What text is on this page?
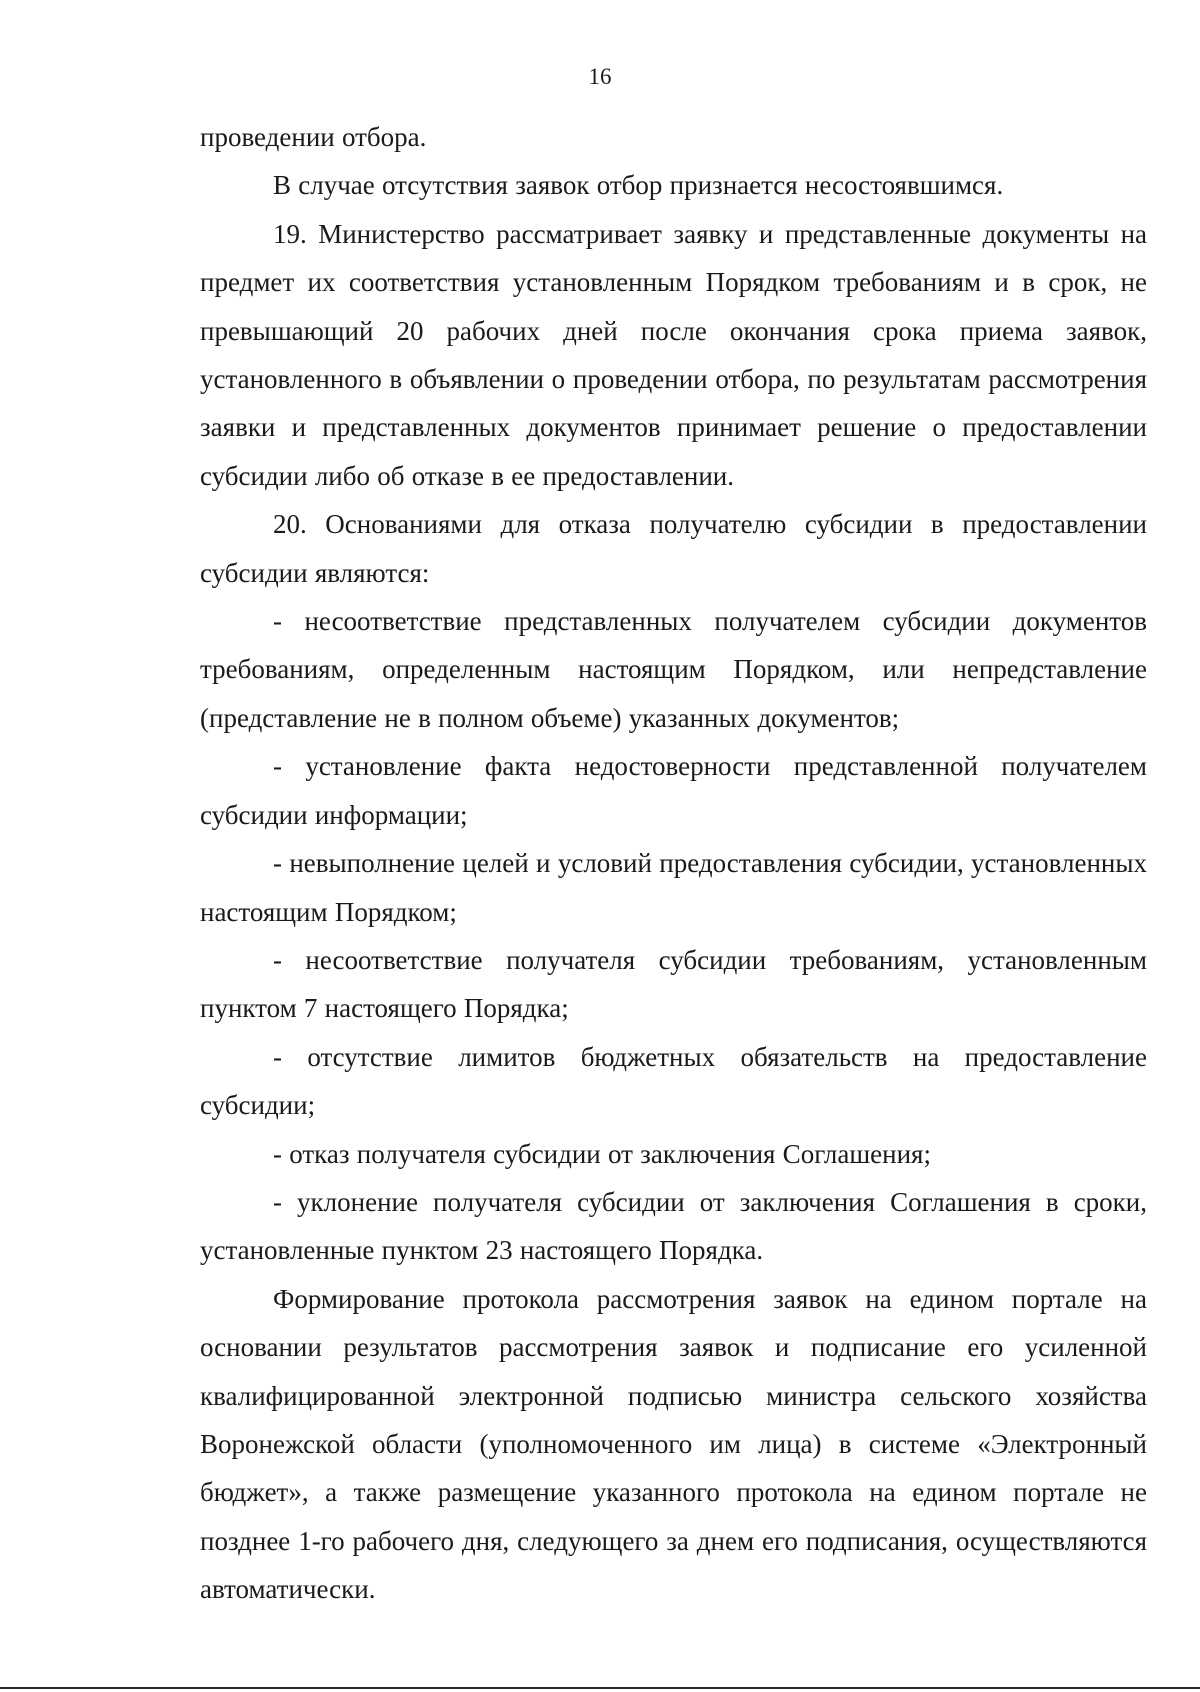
16

проведении отбора.

В случае отсутствия заявок отбор признается несостоявшимся.

19. Министерство рассматривает заявку и представленные документы на предмет их соответствия установленным Порядком требованиям и в срок, не превышающий 20 рабочих дней после окончания срока приема заявок, установленного в объявлении о проведении отбора, по результатам рассмотрения заявки и представленных документов принимает решение о предоставлении субсидии либо об отказе в ее предоставлении.

20. Основаниями для отказа получателю субсидии в предоставлении субсидии являются:

- несоответствие представленных получателем субсидии документов требованиям, определенным настоящим Порядком, или непредставление (представление не в полном объеме) указанных документов;

- установление факта недостоверности представленной получателем субсидии информации;

- невыполнение целей и условий предоставления субсидии, установленных настоящим Порядком;

- несоответствие получателя субсидии требованиям, установленным пунктом 7 настоящего Порядка;

- отсутствие лимитов бюджетных обязательств на предоставление субсидии;

- отказ получателя субсидии от заключения Соглашения;

- уклонение получателя субсидии от заключения Соглашения в сроки, установленные пунктом 23 настоящего Порядка.

Формирование протокола рассмотрения заявок на едином портале на основании результатов рассмотрения заявок и подписание его усиленной квалифицированной электронной подписью министра сельского хозяйства Воронежской области (уполномоченного им лица) в системе «Электронный бюджет», а также размещение указанного протокола на едином портале не позднее 1-го рабочего дня, следующего за днем его подписания, осуществляются автоматически.
